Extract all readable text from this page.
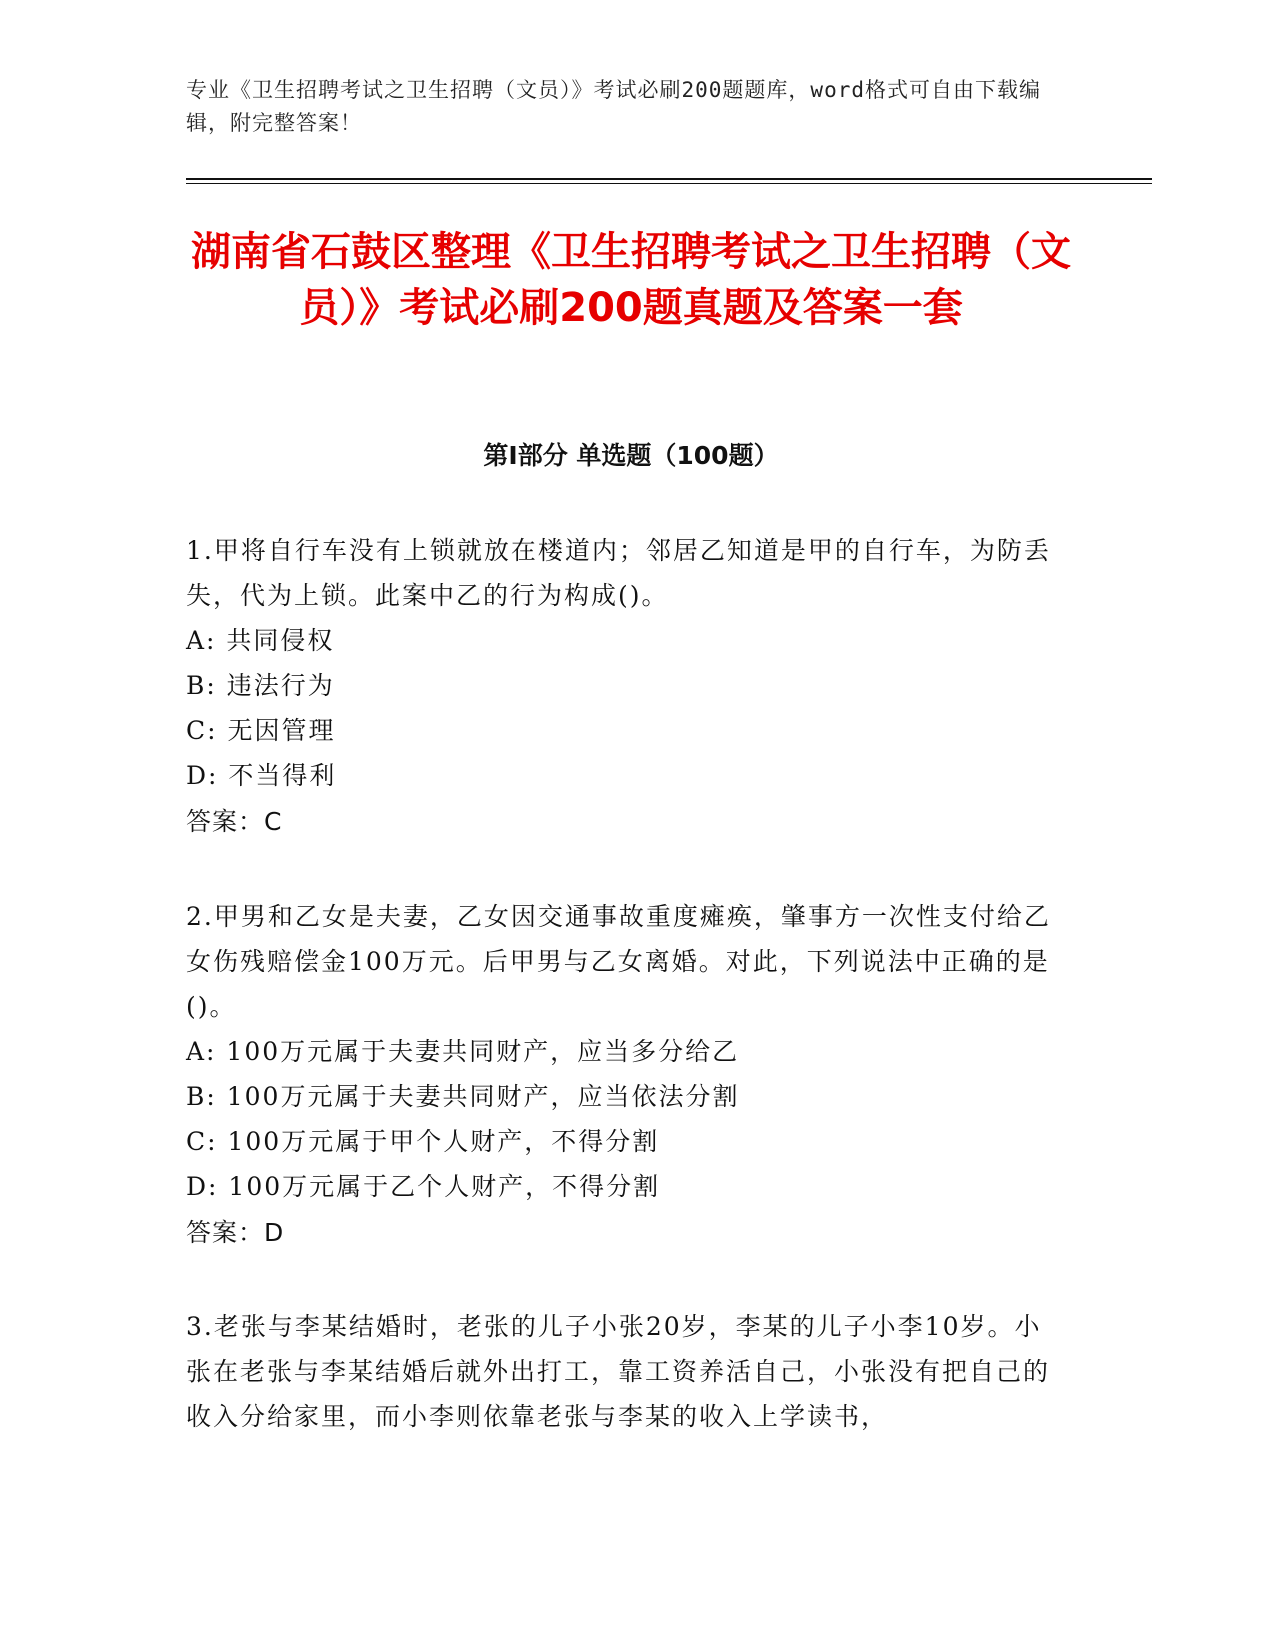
专业《卫生招聘考试之卫生招聘（文员）》考试必刷200题题库，word格式可自由下载编辑，附完整答案！
湖南省石鼓区整理《卫生招聘考试之卫生招聘（文员）》考试必刷200题真题及答案一套
第I部分 单选题（100题）

1.甲将自行车没有上锁就放在楼道内；邻居乙知道是甲的自行车，为防丢失，代为上锁。此案中乙的行为构成()。

A: 共同侵权

B: 违法行为

C: 无因管理

D: 不当得利

答案：C

2.甲男和乙女是夫妻，乙女因交通事故重度瘫痪，肇事方一次性支付给乙女伤残赔偿金100万元。后甲男与乙女离婚。对此，下列说法中正确的是()。

A: 100万元属于夫妻共同财产，应当多分给乙

B: 100万元属于夫妻共同财产，应当依法分割

C: 100万元属于甲个人财产，不得分割

D: 100万元属于乙个人财产，不得分割

答案：D

3.老张与李某结婚时，老张的儿子小张20岁，李某的儿子小李10岁。小张在老张与李某结婚后就外出打工，靠工资养活自己，小张没有把自己的收入分给家里，而小李则依靠老张与李某的收入上学读书，
